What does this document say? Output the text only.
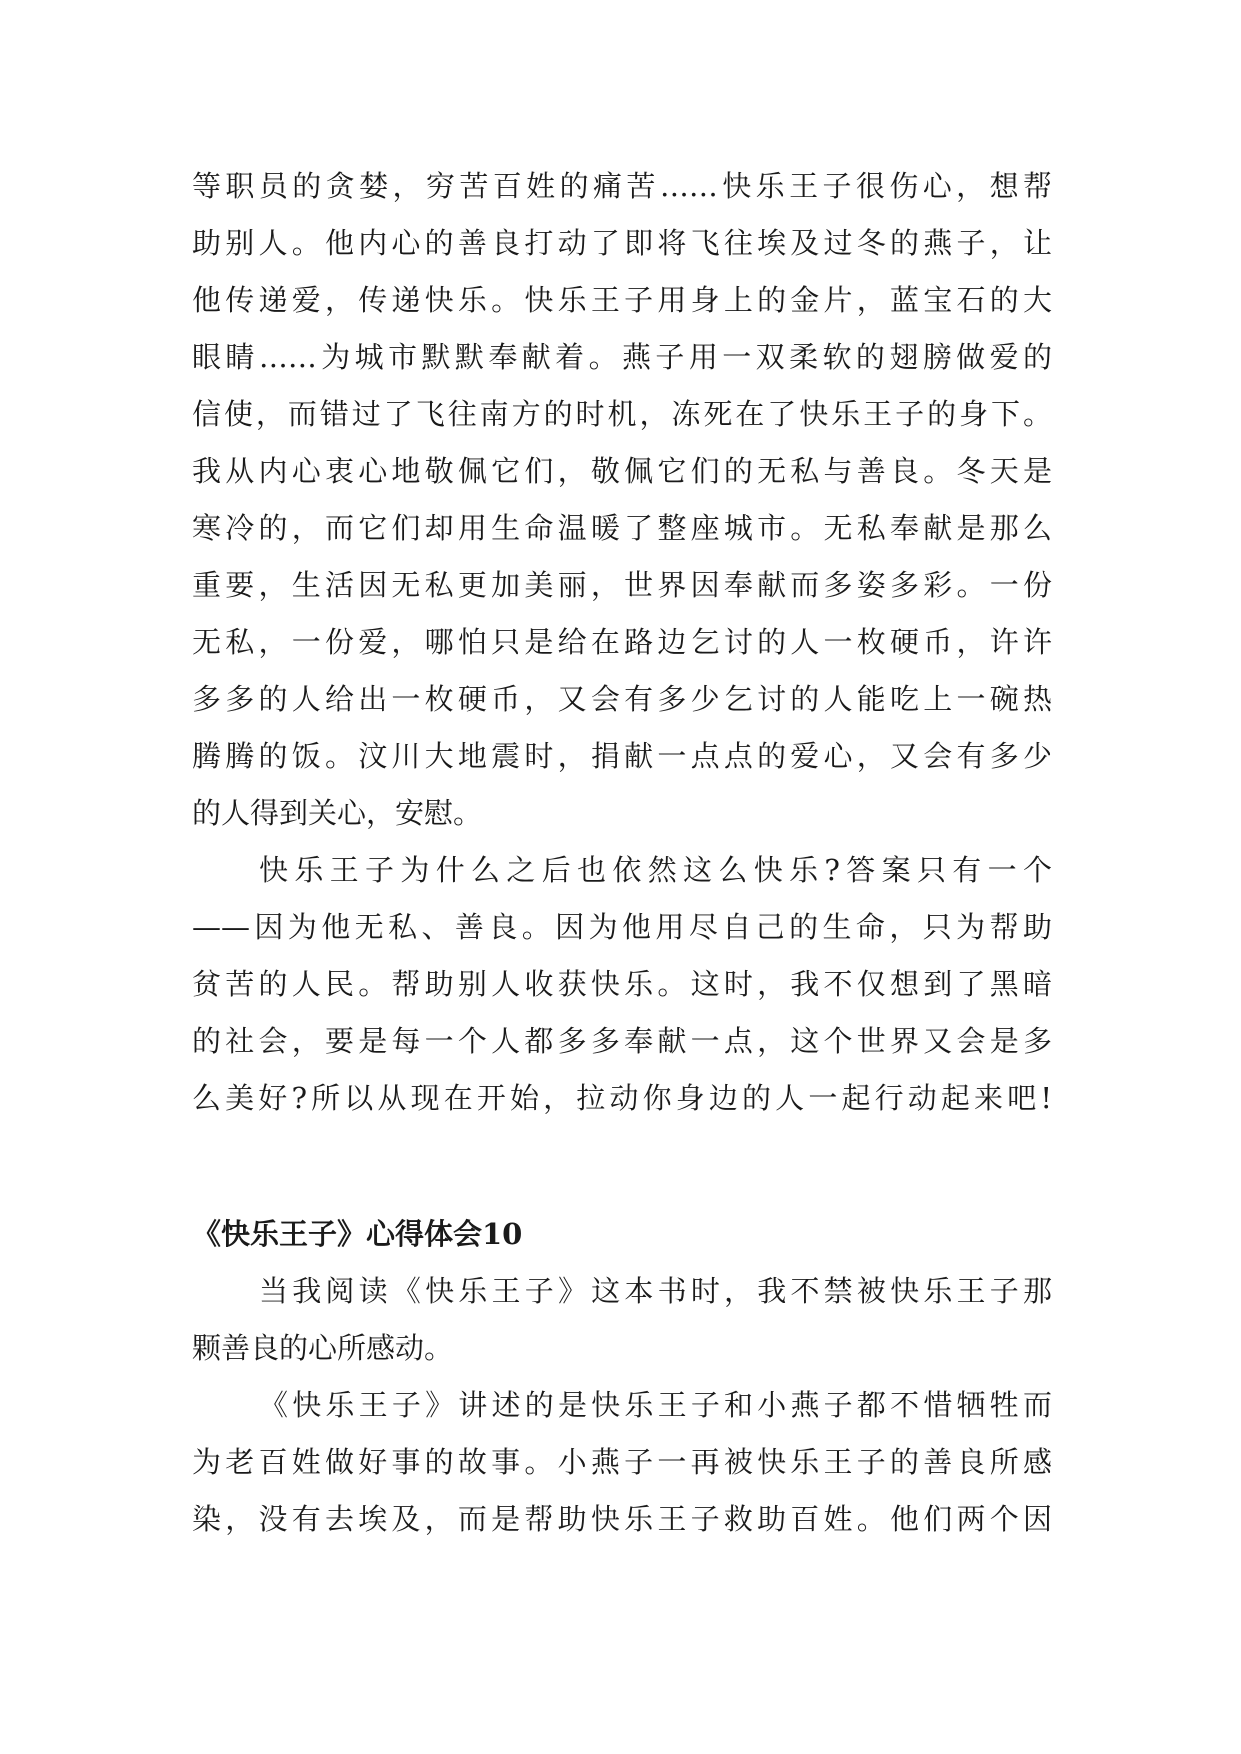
等职员的贪婪，穷苦百姓的痛苦……快乐王子很伤心，想帮

助别人。他内心的善良打动了即将飞往埃及过冬的燕子，让

他传递爱，传递快乐。快乐王子用身上的金片，蓝宝石的大

眼睛……为城市默默奉献着。燕子用一双柔软的翅膀做爱的

信使，而错过了飞往南方的时机，冻死在了快乐王子的身下。

我从内心衷心地敬佩它们，敬佩它们的无私与善良。冬天是

寒冷的，而它们却用生命温暖了整座城市。无私奉献是那么

重要，生活因无私更加美丽，世界因奉献而多姿多彩。一份

无私，一份爱，哪怕只是给在路边乞讨的人一枚硬币，许许

多多的人给出一枚硬币，又会有多少乞讨的人能吃上一碗热

腾腾的饭。汶川大地震时，捐献一点点的爱心，又会有多少

的人得到关心，安慰。

快乐王子为什么之后也依然这么快乐?答案只有一个

——因为他无私、善良。因为他用尽自己的生命，只为帮助

贫苦的人民。帮助别人收获快乐。这时，我不仅想到了黑暗

的社会，要是每一个人都多多奉献一点，这个世界又会是多

么美好?所以从现在开始，拉动你身边的人一起行动起来吧!

《快乐王子》心得体会10

当我阅读《快乐王子》这本书时，我不禁被快乐王子那

颗善良的心所感动。

《快乐王子》讲述的是快乐王子和小燕子都不惜牺牲而

为老百姓做好事的故事。小燕子一再被快乐王子的善良所感

染，没有去埃及，而是帮助快乐王子救助百姓。他们两个因
